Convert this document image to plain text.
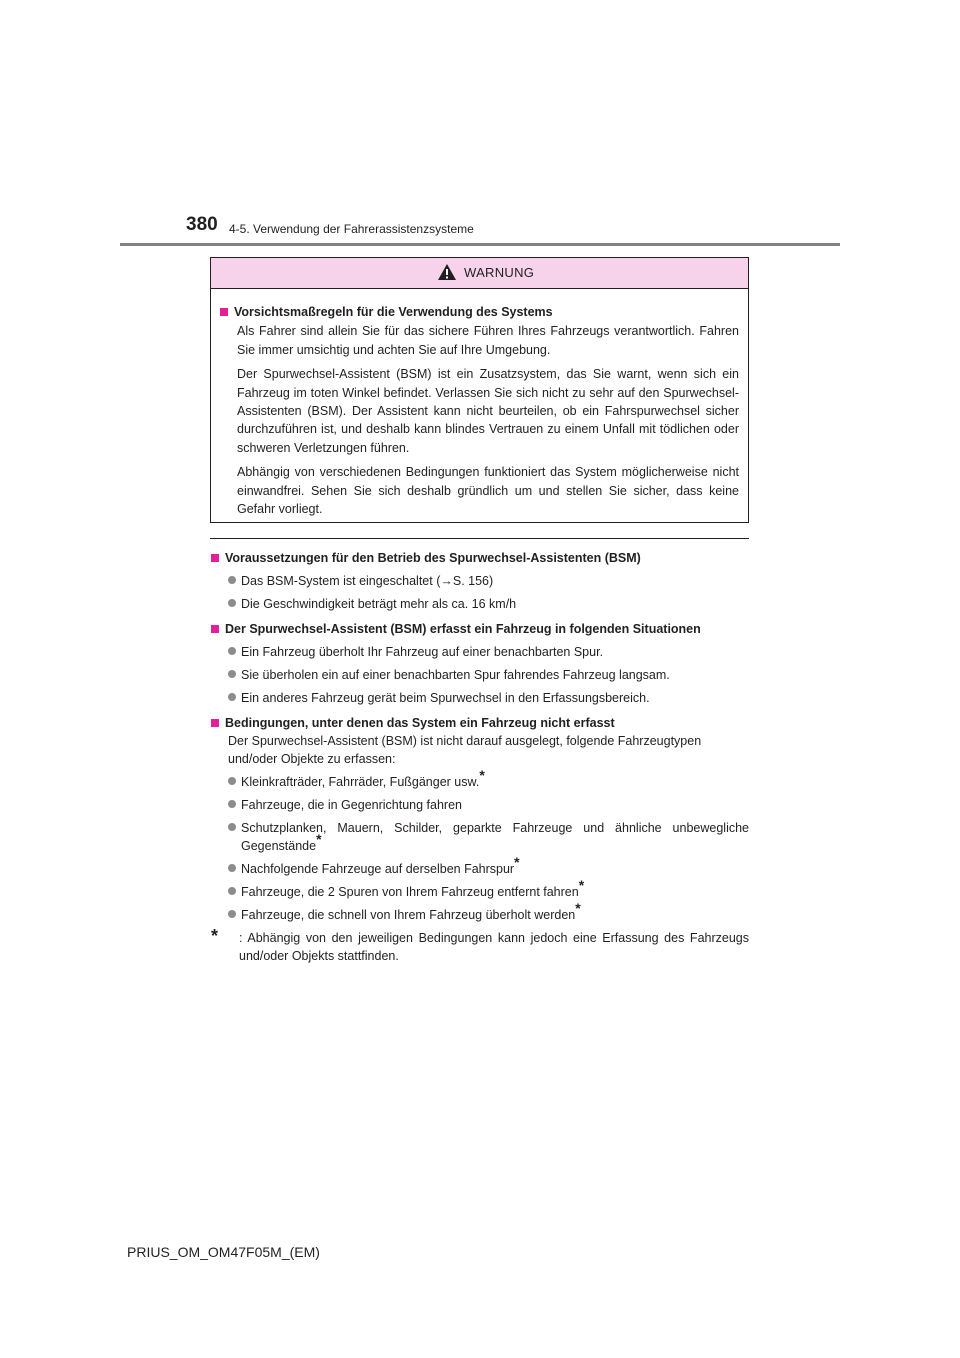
380 4-5. Verwendung der Fahrerassistenzsysteme
WARNUNG
Vorsichtsmaßregeln für die Verwendung des Systems

Als Fahrer sind allein Sie für das sichere Führen Ihres Fahrzeugs verantwortlich. Fahren Sie immer umsichtig und achten Sie auf Ihre Umgebung.

Der Spurwechsel-Assistent (BSM) ist ein Zusatzsystem, das Sie warnt, wenn sich ein Fahrzeug im toten Winkel befindet. Verlassen Sie sich nicht zu sehr auf den Spurwechsel-Assistenten (BSM). Der Assistent kann nicht beurteilen, ob ein Fahrspurwechsel sicher durchzuführen ist, und deshalb kann blindes Vertrauen zu einem Unfall mit tödlichen oder schweren Verletzungen führen.

Abhängig von verschiedenen Bedingungen funktioniert das System möglicherweise nicht einwandfrei. Sehen Sie sich deshalb gründlich um und stellen Sie sicher, dass keine Gefahr vorliegt.

Voraussetzungen für den Betrieb des Spurwechsel-Assistenten (BSM)
Das BSM-System ist eingeschaltet (→S. 156)
Die Geschwindigkeit beträgt mehr als ca. 16 km/h
Der Spurwechsel-Assistent (BSM) erfasst ein Fahrzeug in folgenden Situationen
Ein Fahrzeug überholt Ihr Fahrzeug auf einer benachbarten Spur.
Sie überholen ein auf einer benachbarten Spur fahrendes Fahrzeug langsam.
Ein anderes Fahrzeug gerät beim Spurwechsel in den Erfassungsbereich.
Bedingungen, unter denen das System ein Fahrzeug nicht erfasst

Der Spurwechsel-Assistent (BSM) ist nicht darauf ausgelegt, folgende Fahrzeugtypen und/oder Objekte zu erfassen:

Kleinkrafträder, Fahrräder, Fußgänger usw.*
Fahrzeuge, die in Gegenrichtung fahren
Schutzplanken, Mauern, Schilder, geparkte Fahrzeuge und ähnliche unbewegliche Gegenstände*
Nachfolgende Fahrzeuge auf derselben Fahrspur*
Fahrzeuge, die 2 Spuren von Ihrem Fahrzeug entfernt fahren*
Fahrzeuge, die schnell von Ihrem Fahrzeug überholt werden*
*	: Abhängig von den jeweiligen Bedingungen kann jedoch eine Erfassung des Fahrzeugs und/oder Objekts stattfinden.
PRIUS_OM_OM47F05M_(EM)
